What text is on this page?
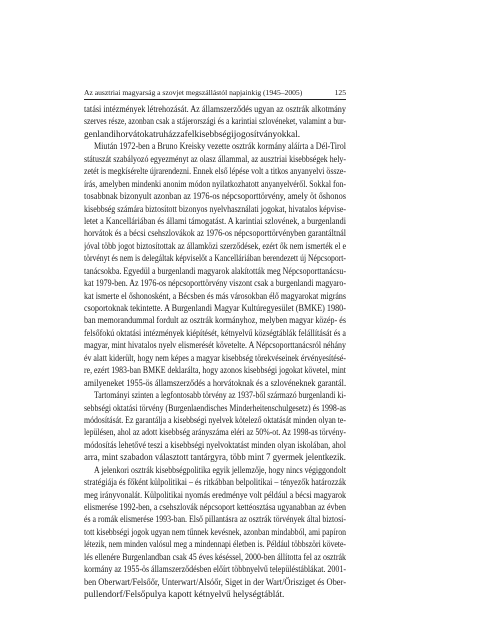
Az ausztriai magyarság a szovjet megszállástól napjainkig (1945–2005)	125
tatási intézmények létrehozását. Az államszerződés ugyan az osztrák alkotmány
szerves része, azonban csak a stájerországi és a karintiai szlovéneket, valamint a bur-
genlandihorvátokatruházzafelkisebbségijogosítványokkal.
Miután 1972-ben a Bruno Kreisky vezette osztrák kormány aláírta a Dél-Tirol
státuszát szabályozó egyezményt az olasz állammal, az ausztriai kisebbségek hely-
zetét is megkísérelte újrarendezni. Ennek első lépése volt a titkos anyanyelvi össze-
írás, amelyben mindenki anonim módon nyilatkozhatott anyanyelvéről. Sokkal fon-
tosabbnak bizonyult azonban az 1976-os népcsoporttörvény, amely öt őshonos
kisebbség számára biztosított bizonyos nyelvhasználati jogokat, hivatalos képvise-
letet a Kancelláriában és állami támogatást. A karintiai szlovének, a burgenlandi
horvátok és a bécsi csehszlovákok az 1976-os népcsoporttörvényben garantáltnál
jóval több jogot biztosítottak az államközi szerződések, ezért ők nem ismerték el e
törvényt és nem is delegáltak képviselőt a Kancelláriában berendezett új Népcsoport-
tanácsokba. Egyedül a burgenlandi magyarok alakították meg Népcsoporttanácsu-
kat 1979-ben. Az 1976-os népcsoporttörvény viszont csak a burgenlandi magyaro-
kat ismerte el őshonosként, a Bécsben és más városokban élő magyarokat migráns
csoportoknak tekintette. A Burgenlandi Magyar Kultúregyesület (BMKE) 1980-
ban memorandummal fordult az osztrák kormányhoz, melyben magyar közép- és
felsőfokú oktatási intézmények kiépítését, kétnyelvű községtáblák felállítását és a
magyar, mint hivatalos nyelv elismerését követelte. A Népcsoporttanácsról néhány
év alatt kiderült, hogy nem képes a magyar kisebbség törekvéseinek érvényesítésé-
re, ezért 1983-ban BMKE deklarálta, hogy azonos kisebbségi jogokat követel, mint
amilyeneket 1955-ös államszerződés a horvátoknak és a szlovéneknek garantál.
Tartományi szinten a legfontosabb törvény az 1937-ből származó burgenlandi ki-
sebbségi oktatási törvény (Burgenlaendisches Minderheitenschulgesetz) és 1998-as
módosítását. Ez garantálja a kisebbségi nyelvek kötelező oktatását minden olyan te-
lepülésen, ahol az adott kisebbség arányszáma eléri az 50%-ot. Az 1998-as törvény-
módosítás lehetővé teszi a kisebbségi nyelvoktatást minden olyan iskolában, ahol
arra, mint szabadon választott tantárgyra, több mint 7 gyermek jelentkezik.
A jelenkori osztrák kisebbségpolitika egyik jellemzője, hogy nincs végiggondolt
stratégiája és főként külpolitikai – és ritkábban belpolitikai – tényezők határozzák
meg irányvonalát. Külpolitikai nyomás eredménye volt például a bécsi magyarok
elismerése 1992-ben, a csehszlovák népcsoport kettéosztása ugyanabban az évben
és a romák elismerése 1993-ban. Első pillantásra az osztrák törvények által biztosí-
tott kisebbségi jogok ugyan nem tűnnek kevésnek, azonban mindabból, ami papíron
létezik, nem minden valósul meg a mindennapi életben is. Például többszöri követe-
lés ellenére Burgenlandban csak 45 éves késéssel, 2000-ben állította fel az osztrák
kormány az 1955-ös államszerződésben előírt többnyelvű településtáblákat. 2001-
ben Oberwart/Felsőőr, Unterwart/Alsóőr, Siget in der Wart/Őrisziget és Ober-
pullendorf/Felsőpulya kapott kétnyelvű helységtáblát.
